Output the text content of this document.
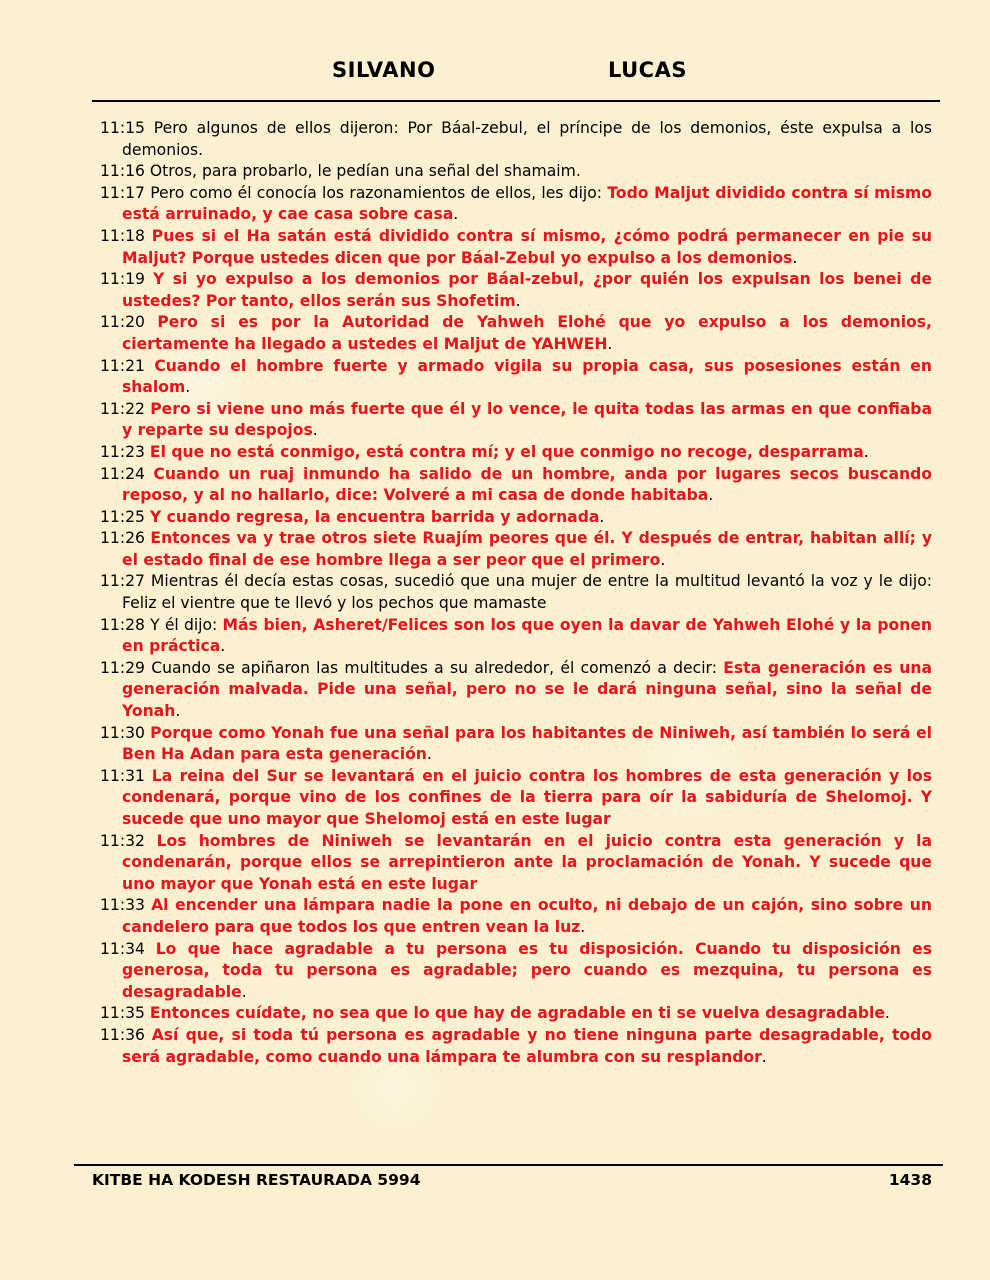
SILVANO	LUCAS

11:15 Pero algunos de ellos dijeron: Por Báal-zebul, el príncipe de los demonios, éste expulsa a los demonios.

11:16 Otros, para probarlo, le pedían una señal del shamaim.

11:17 Pero como él conocía los razonamientos de ellos, les dijo: Todo Maljut dividido contra sí mismo está arruinado, y cae casa sobre casa.

11:18 Pues si el Ha satán está dividido contra sí mismo, ¿cómo podrá permanecer en pie su Maljut? Porque ustedes dicen que por Báal-Zebul yo expulso a los demonios.

11:19 Y si yo expulso a los demonios por Báal-zebul, ¿por quién los expulsan los benei de ustedes? Por tanto, ellos serán sus Shofetim.

11:20 Pero si es por la Autoridad de Yahweh Elohé que yo expulso a los demonios, ciertamente ha llegado a ustedes el Maljut de YAHWEH.

11:21 Cuando el hombre fuerte y armado vigila su propia casa, sus posesiones están en shalom.

11:22 Pero si viene uno más fuerte que él y lo vence, le quita todas las armas en que confiaba y reparte su despojos.

11:23 El que no está conmigo, está contra mí; y el que conmigo no recoge, desparrama.

11:24 Cuando un ruaj inmundo ha salido de un hombre, anda por lugares secos buscando reposo, y al no hallarlo, dice: Volveré a mi casa de donde habitaba.

11:25 Y cuando regresa, la encuentra barrida y adornada.

11:26 Entonces va y trae otros siete Ruajím peores que él. Y después de entrar, habitan allí; y el estado final de ese hombre llega a ser peor que el primero.

11:27 Mientras él decía estas cosas, sucedió que una mujer de entre la multitud levantó la voz y le dijo: Feliz el vientre que te llevó y los pechos que mamaste

11:28 Y él dijo: Más bien, Asheret/Felices son los que oyen la davar de Yahweh Elohé y la ponen en práctica.

11:29 Cuando se apiñaron las multitudes a su alrededor, él comenzó a decir: Esta generación es una generación malvada. Pide una señal, pero no se le dará ninguna señal, sino la señal de Yonah.

11:30 Porque como Yonah fue una señal para los habitantes de Niniweh, así también lo será el Ben Ha Adan para esta generación.

11:31 La reina del Sur se levantará en el juicio contra los hombres de esta generación y los condenará, porque vino de los confines de la tierra para oír la sabiduría de Shelomoj. Y sucede que uno mayor que Shelomoj está en este lugar

11:32 Los hombres de Niniweh se levantarán en el juicio contra esta generación y la condenarán, porque ellos se arrepintieron ante la proclamación de Yonah. Y sucede que uno mayor que Yonah está en este lugar

11:33 Al encender una lámpara nadie la pone en oculto, ni debajo de un cajón, sino sobre un candelero para que todos los que entren vean la luz.

11:34 Lo que hace agradable a tu persona es tu disposición. Cuando tu disposición es generosa, toda tu persona es agradable; pero cuando es mezquina, tu persona es desagradable.

11:35 Entonces cuídate, no sea que lo que hay de agradable en ti se vuelva desagradable.

11:36 Así que, si toda tú persona es agradable y no tiene ninguna parte desagradable, todo será agradable, como cuando una lámpara te alumbra con su resplandor.

KITBE HA KODESH RESTAURADA 5994	1438
